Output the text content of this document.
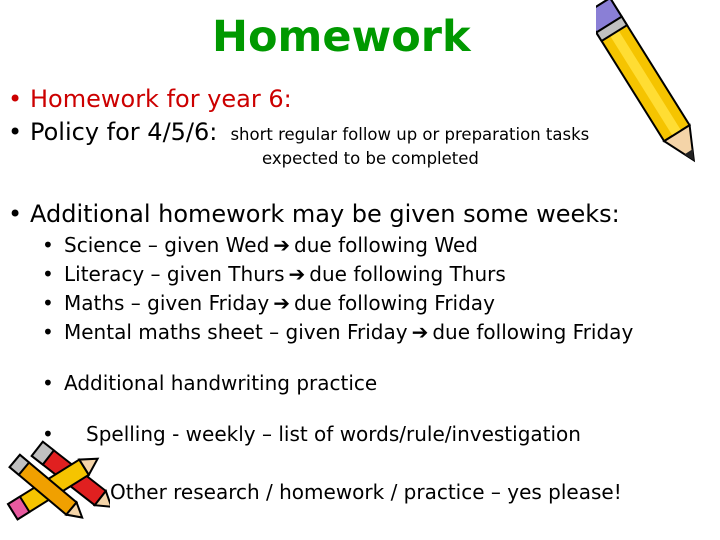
Homework
• Homework for year 6:
• Policy for 4/5/6: short regular follow up or preparation tasks
expected to be completed
• Additional homework may be given some weeks:
• Science – given Wed ➔ due following Wed
• Literacy – given Thurs ➔ due following Thurs
• Maths – given Friday ➔ due following Friday
• Mental maths sheet – given Friday ➔ due following Friday
• Additional handwriting practice
• Spelling - weekly – list of words/rule/investigation
Other research / homework / practice – yes please!
